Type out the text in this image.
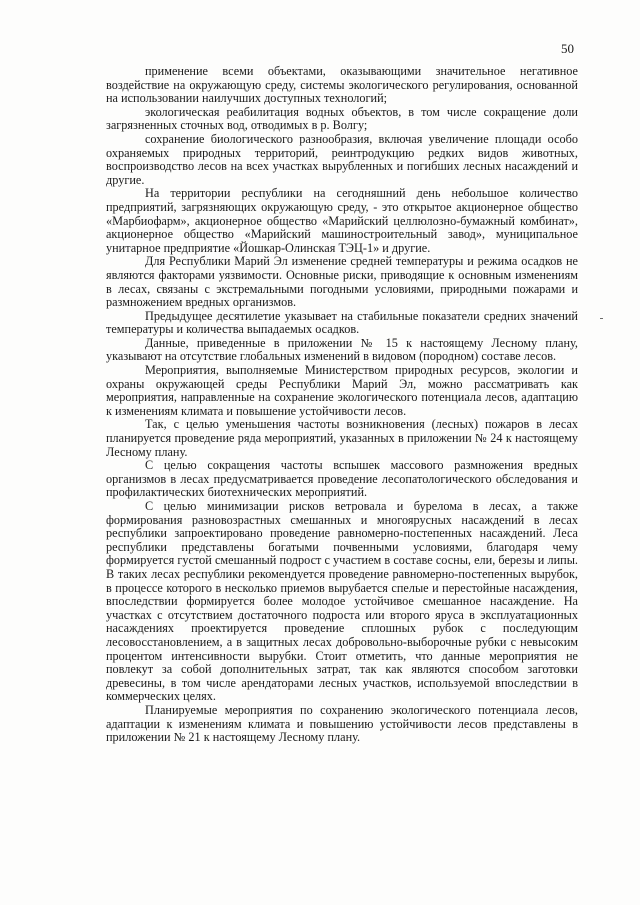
50

применение всеми объектами, оказывающими значительное негативное воздействие на окружающую среду, системы экологического регулирования, основанной на использовании наилучших доступных технологий;

экологическая реабилитация водных объектов, в том числе сокращение доли загрязненных сточных вод, отводимых в р. Волгу;

сохранение биологического разнообразия, включая увеличение площади особо охраняемых природных территорий, реинтродукцию редких видов животных, воспроизводство лесов на всех участках вырубленных и погибших лесных насаждений и другие.

На территории республики на сегодняшний день небольшое количество предприятий, загрязняющих окружающую среду, - это открытое акционерное общество «Марбиофарм», акционерное общество «Марийский целлюлозно-бумажный комбинат», акционерное общество «Марийский машиностроительный завод», муниципальное унитарное предприятие «Йошкар-Олинская ТЭЦ-1» и другие.

Для Республики Марий Эл изменение средней температуры и режима осадков не являются факторами уязвимости. Основные риски, приводящие к основным изменениям в лесах, связаны с экстремальными погодными условиями, природными пожарами и размножением вредных организмов.

Предыдущее десятилетие указывает на стабильные показатели средних значений температуры и количества выпадаемых осадков.

Данные, приведенные в приложении № 15 к настоящему Лесному плану, указывают на отсутствие глобальных изменений в видовом (породном) составе лесов.

Мероприятия, выполняемые Министерством природных ресурсов, экологии и охраны окружающей среды Республики Марий Эл, можно рассматривать как мероприятия, направленные на сохранение экологического потенциала лесов, адаптацию к изменениям климата и повышение устойчивости лесов.

Так, с целью уменьшения частоты возникновения (лесных) пожаров в лесах планируется проведение ряда мероприятий, указанных в приложении № 24 к настоящему Лесному плану.

С целью сокращения частоты вспышек массового размножения вредных организмов в лесах предусматривается проведение лесопатологического обследования и профилактических биотехнических мероприятий.

С целью минимизации рисков ветровала и бурелома в лесах, а также формирования разновозрастных смешанных и многоярусных насаждений в лесах республики запроектировано проведение равномерно-постепенных насаждений. Леса республики представлены богатыми почвенными условиями, благодаря чему формируется густой смешанный подрост с участием в составе сосны, ели, березы и липы. В таких лесах республики рекомендуется проведение равномерно-постепенных вырубок, в процессе которого в несколько приемов вырубается спелые и перестойные насаждения, впоследствии формируется более молодое устойчивое смешанное насаждение. На участках с отсутствием достаточного подроста или второго яруса в эксплуатационных насаждениях проектируется проведение сплошных рубок с последующим лесовосстановлением, а в защитных лесах добровольно-выборочные рубки с невысоким процентом интенсивности вырубки. Стоит отметить, что данные мероприятия не повлекут за собой дополнительных затрат, так как являются способом заготовки древесины, в том числе арендаторами лесных участков, используемой впоследствии в коммерческих целях.

Планируемые мероприятия по сохранению экологического потенциала лесов, адаптации к изменениям климата и повышению устойчивости лесов представлены в приложении № 21 к настоящему Лесному плану.
